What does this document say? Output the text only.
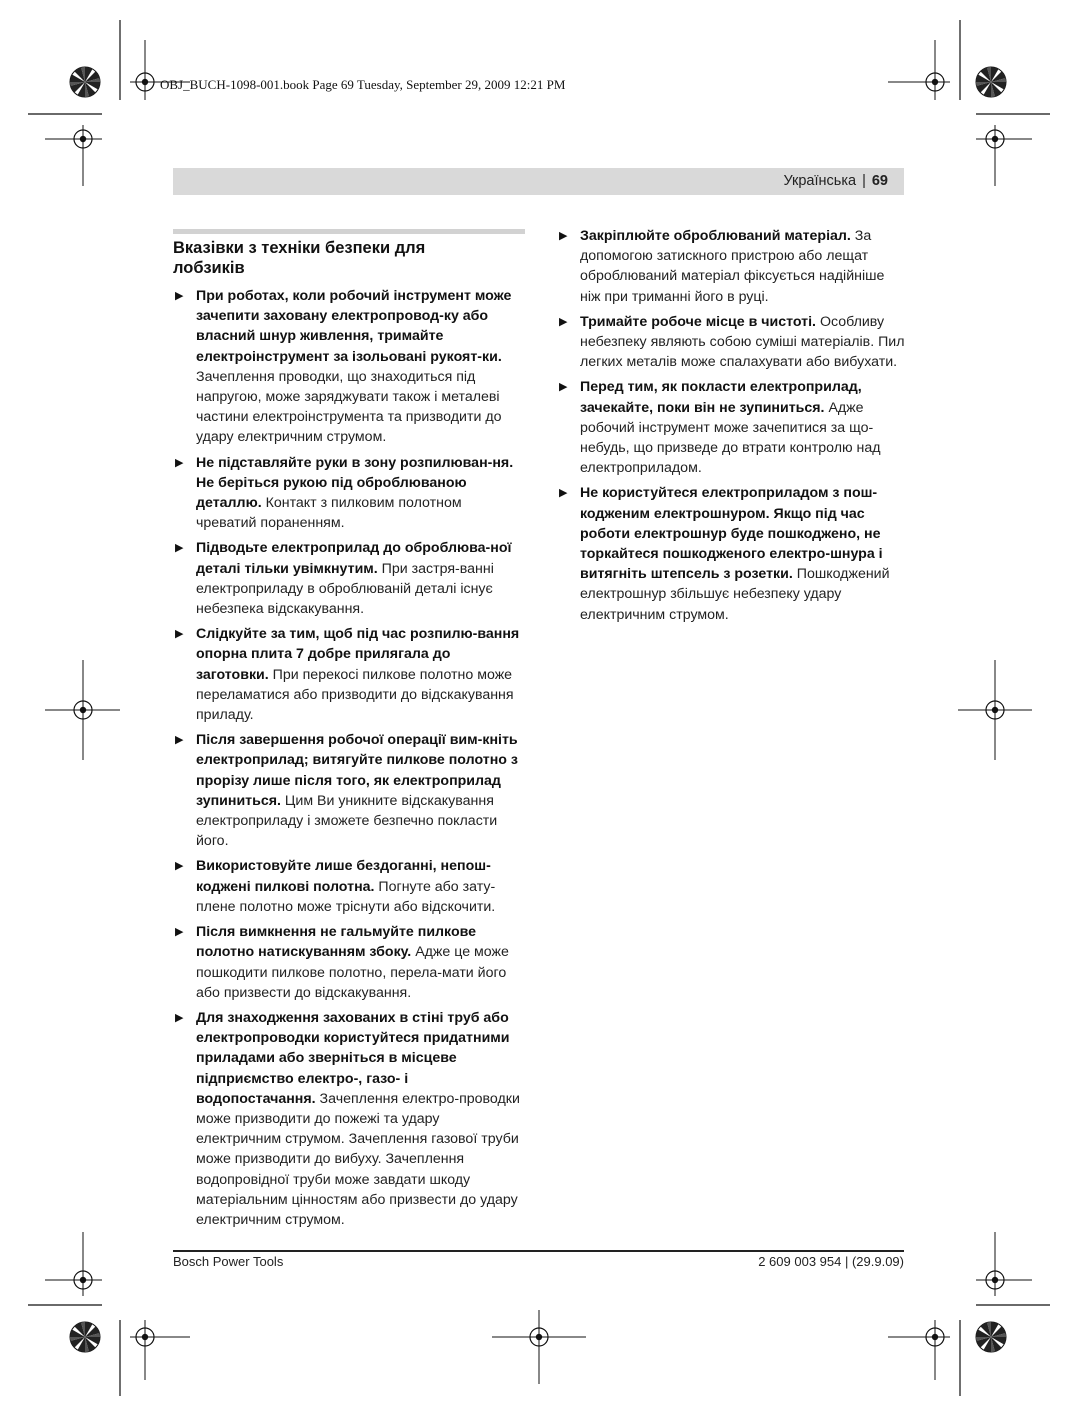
OBJ_BUCH-1098-001.book Page 69 Tuesday, September 29, 2009 12:21 PM
Українська | 69
Вказівки з техніки безпеки для
лобзиків
▶ При роботах, коли робочий інструмент може зачепити заховану електропровод-ку або власний шнур живлення, тримайте електроінструмент за ізольовані рукоят-ки. Зачеплення проводки, що знаходиться під напругою, може заряджувати також і металеві частини електроінструмента та призводити до удару електричним струмом.
▶ Не підставляйте руки в зону розпилюван-ня. Не беріться рукою під оброблюваною деталлю. Контакт з пилковим полотном чреватий пораненням.
▶ Підводьте електроприлад до оброблюва-ної деталі тільки увімкнутим. При застря-ванні електроприладу в оброблюваній деталі існує небезпека відскакування.
▶ Слідкуйте за тим, щоб під час розпилю-вання опорна плита 7 добре прилягала до заготовки. При перекосі пилкове полотно може переламатися або призводити до відскакування приладу.
▶ Після завершення робочої операції вим-кніть електроприлад; витягуйте пилкове полотно з прорізу лише після того, як електроприлад зупиниться. Цим Ви уникните відскакування електроприладу і зможете безпечно покласти його.
▶ Використовуйте лише бездоганні, непош-коджені пилкові полотна. Погнуте або зату-плене полотно може тріснути або відскочити.
▶ Після вимкнення не гальмуйте пилкове полотно натискуванням збоку. Адже це може пошкодити пилкове полотно, перела-мати його або призвести до відскакування.
▶ Для знаходження захованих в стіні труб або електропроводки користуйтеся придатними приладами або зверніться в місцеве підприємство електро-, газо- і водопостачання. Зачеплення електро-проводки може призводити до пожежі та удару електричним струмом. Зачеплення газової труби може призводити до вибуху. Зачеплення водопровідної труби може завдати шкоду матеріальним цінностям або призвести до удару електричним струмом.
▶ Закріплюйте оброблюваний матеріал. За допомогою затискного пристрою або лещат оброблюваний матеріал фіксується надійніше ніж при триманні його в руці.
▶ Тримайте робоче місце в чистоті. Особливу небезпеку являють собою суміші матеріалів. Пил легких металів може спалахувати або вибухати.
▶ Перед тим, як покласти електроприлад, зачекайте, поки він не зупиниться. Адже робочий інструмент може зачепитися за що-небудь, що призведе до втрати контролю над електроприладом.
▶ Не користуйтеся електроприладом з пош-кодженим електрошнуром. Якщо під час роботи електрошнур буде пошкоджено, не торкайтеся пошкодженого електро-шнура і витягніть штепсель з розетки. Пошкоджений електрошнур збільшує небезпеку удару електричним струмом.
Bosch Power Tools	2 609 003 954 | (29.9.09)
